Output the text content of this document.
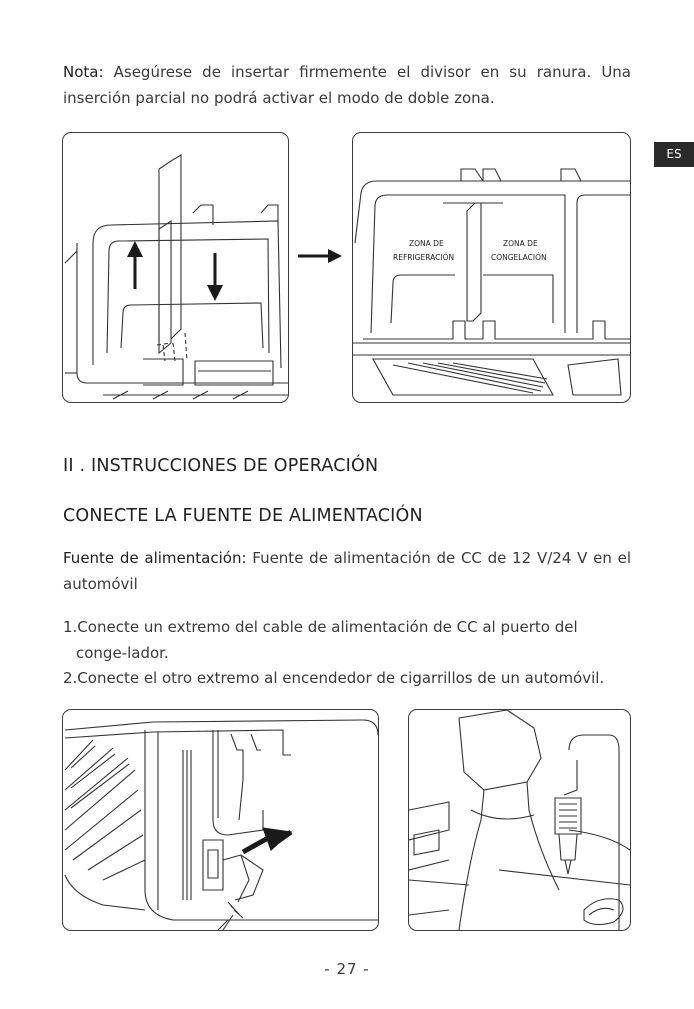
Nota: Asegúrese de insertar firmemente el divisor en su ranura. Una inserción parcial no podrá activar el modo de doble zona.
ES
ZONA DE
REFRIGERACIÓN
ZONA DE
CONGELACIÓN
II . INSTRUCCIONES DE OPERACIÓN
CONECTE LA FUENTE DE ALIMENTACIÓN
Fuente de alimentación: Fuente de alimentación de CC de 12 V/24 V en el automóvil
1.Conecte un extremo del cable de alimentación de CC al puerto del conge-lador.
2.Conecte el otro extremo al encendedor de cigarrillos de un automóvil.
- 27 -
